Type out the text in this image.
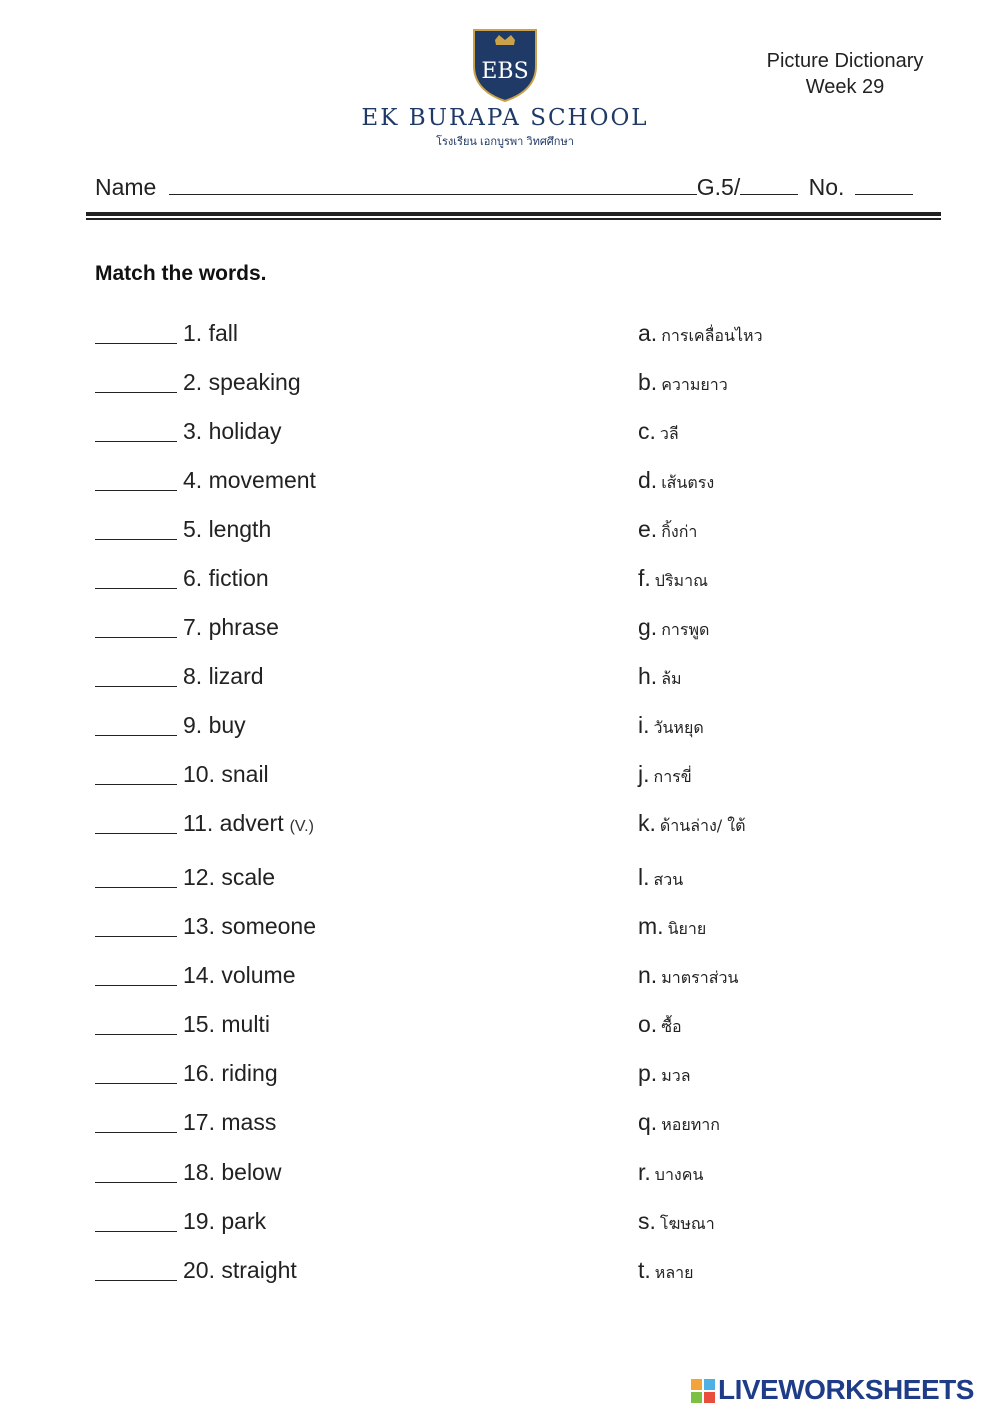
EBS
EK BURAPA SCHOOL
โรงเรียน เอกบูรพา วิทศศึกษา
Picture Dictionary
Week 29
Name	G.5/	No.
Match the words.
1. fall
2. speaking
3. holiday
4. movement
5. length
6. fiction
7. phrase
8. lizard
9. buy
10. snail
11. advert (V.)
12. scale
13. someone
14. volume
15. multi
16. riding
17. mass
18. below
19. park
20. straight
a. การเคลื่อนไหว
b. ความยาว
c. วลี
d. เส้นตรง
e. กิ้งก่า
f. ปริมาณ
g. การพูด
h. ล้ม
i. วันหยุด
j. การขี่
k. ด้านล่าง/ ใต้
l. สวน
m. นิยาย
n. มาตราส่วน
o. ซื้อ
p. มวล
q. หอยทาก
r. บางคน
s. โฆษณา
t. หลาย
LIVEWORKSHEETS
